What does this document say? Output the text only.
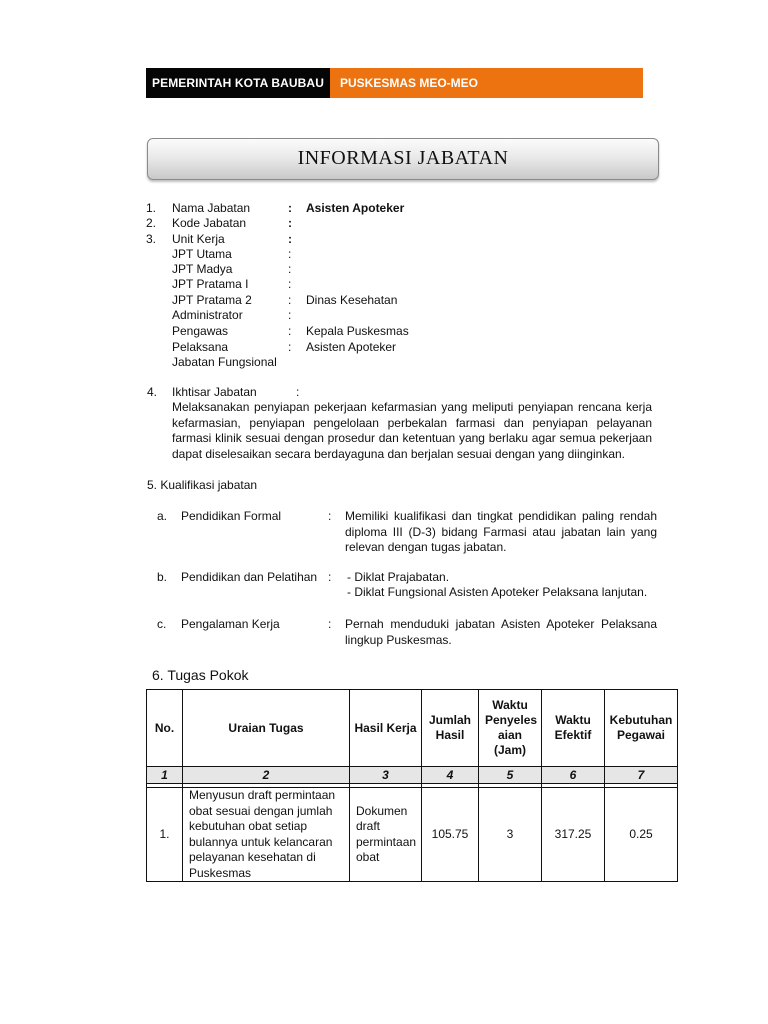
PEMERINTAH KOTA BAUBAU	PUSKESMAS MEO-MEO
INFORMASI JABATAN
1. Nama Jabatan	: Asisten Apoteker
2. Kode Jabatan	:
3. Unit Kerja	:
JPT Utama	:
JPT Madya	:
JPT Pratama I	:
JPT Pratama 2	: Dinas Kesehatan
Administrator	:
Pengawas	: Kepala Puskesmas
Pelaksana	: Asisten Apoteker
Jabatan Fungsional
4. Ikhtisar Jabatan	:
Melaksanakan penyiapan pekerjaan kefarmasian yang meliputi penyiapan rencana kerja kefarmasian, penyiapan pengelolaan perbekalan farmasi dan penyiapan pelayanan farmasi klinik sesuai dengan prosedur dan ketentuan yang berlaku agar semua pekerjaan dapat diselesaikan secara berdayaguna dan berjalan sesuai dengan yang diinginkan.
5. Kualifikasi jabatan
a. Pendidikan Formal	: Memiliki kualifikasi dan tingkat pendidikan paling rendah diploma III (D-3) bidang Farmasi atau jabatan lain yang relevan dengan tugas jabatan.
b. Pendidikan dan Pelatihan : - Diklat Prajabatan.
- Diklat Fungsional Asisten Apoteker Pelaksana lanjutan.
c. Pengalaman Kerja	: Pernah menduduki jabatan Asisten Apoteker Pelaksana lingkup Puskesmas.
6. Tugas Pokok
No.	Uraian Tugas	Hasil Kerja	Jumlah Hasil	Waktu Penyeles aian (Jam)	Waktu Efektif	Kebutuhan Pegawai
1	2	3	4	5	6	7

1.	Menyusun draft permintaan obat sesuai dengan jumlah kebutuhan obat setiap bulannya untuk kelancaran pelayanan kesehatan di Puskesmas	Dokumen draft permintaan obat	105.75	3	317.25	0.25
